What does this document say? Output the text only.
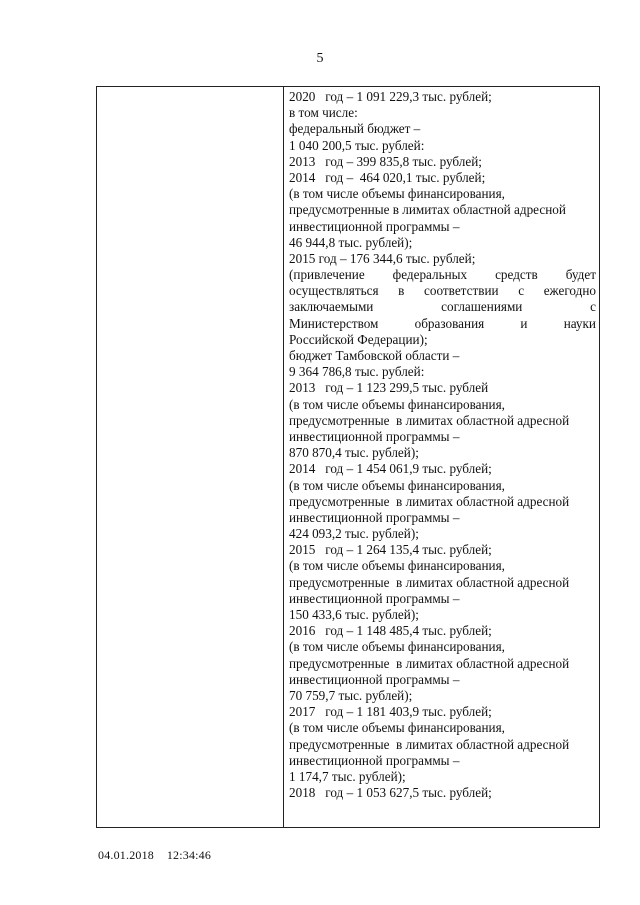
5
2020   год – 1 091 229,3 тыс. рублей;
в том числе:
федеральный бюджет –
1 040 200,5 тыс. рублей:
2013   год – 399 835,8 тыс. рублей;
2014   год –  464 020,1 тыс. рублей;
(в том числе объемы финансирования,
предусмотренные в лимитах областной адресной
инвестиционной программы –
46 944,8 тыс. рублей);
2015 год – 176 344,6 тыс. рублей;
(привлечение федеральных средств будет
осуществляться в соответствии с ежегодно
заключаемыми соглашениями с
Министерством образования и науки
Российской Федерации);
бюджет Тамбовской области –
9 364 786,8 тыс. рублей:
2013   год – 1 123 299,5 тыс. рублей
(в том числе объемы финансирования,
предусмотренные  в лимитах областной адресной
инвестиционной программы –
870 870,4 тыс. рублей);
2014   год – 1 454 061,9 тыс. рублей;
(в том числе объемы финансирования,
предусмотренные  в лимитах областной адресной
инвестиционной программы –
424 093,2 тыс. рублей);
2015   год – 1 264 135,4 тыс. рублей;
(в том числе объемы финансирования,
предусмотренные  в лимитах областной адресной
инвестиционной программы –
150 433,6 тыс. рублей);
2016   год – 1 148 485,4 тыс. рублей;
(в том числе объемы финансирования,
предусмотренные  в лимитах областной адресной
инвестиционной программы –
70 759,7 тыс. рублей);
2017   год – 1 181 403,9 тыс. рублей;
(в том числе объемы финансирования,
предусмотренные  в лимитах областной адресной
инвестиционной программы –
1 174,7 тыс. рублей);
2018   год – 1 053 627,5 тыс. рублей;
04.01.2018 12:34:46
